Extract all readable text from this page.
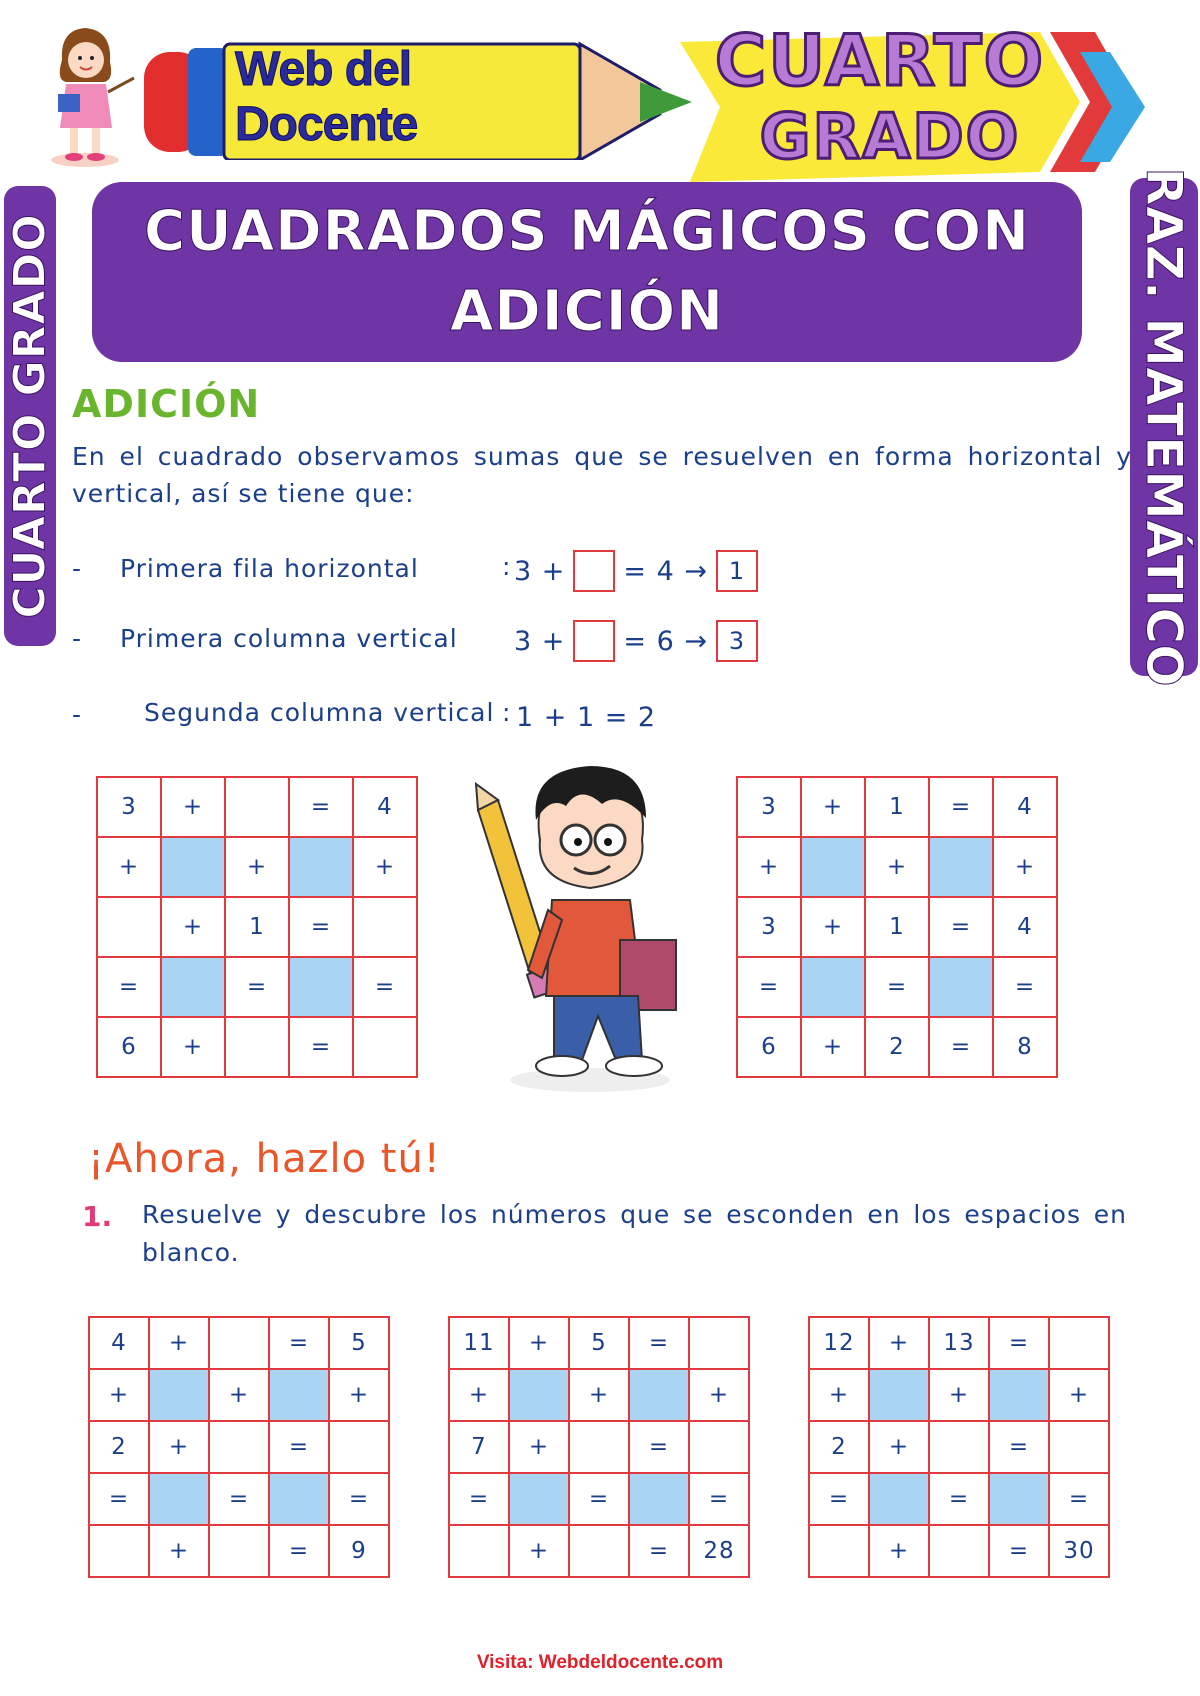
Web del Docente
CUARTO
GRADO
CUARTO GRADO	RAZ. MATEMÁTICO
CUADRADOS MÁGICOS CON ADICIÓN
ADICIÓN
En el cuadrado observamos sumas que se resuelven en forma horizontal y vertical, así se tiene que:
- Primera fila horizontal	: 3 + = 4 → 1
- Primera columna vertical 3 + = 6 → 3
- Segunda columna vertical : 1 + 1 = 2
3	+		=	4
+		+		+
	+	1	=	
=		=		=
6	+		=	
3	+	1	=	4
+		+		+
3	+	1	=	4
=		=		=
6	+	2	=	8
¡Ahora, hazlo tú!
1. Resuelve y descubre los números que se esconden en los espacios en blanco.
4	+		=	5
+		+		+
2	+		=	
=		=		=
	+		=	9
11	+	5	=	
+		+		+
7	+		=	
=		=		=
	+		=	28
12	+	13	=	
+		+		+
2	+		=	
=		=		=
	+		=	30
Visita: Webdeldocente.com
